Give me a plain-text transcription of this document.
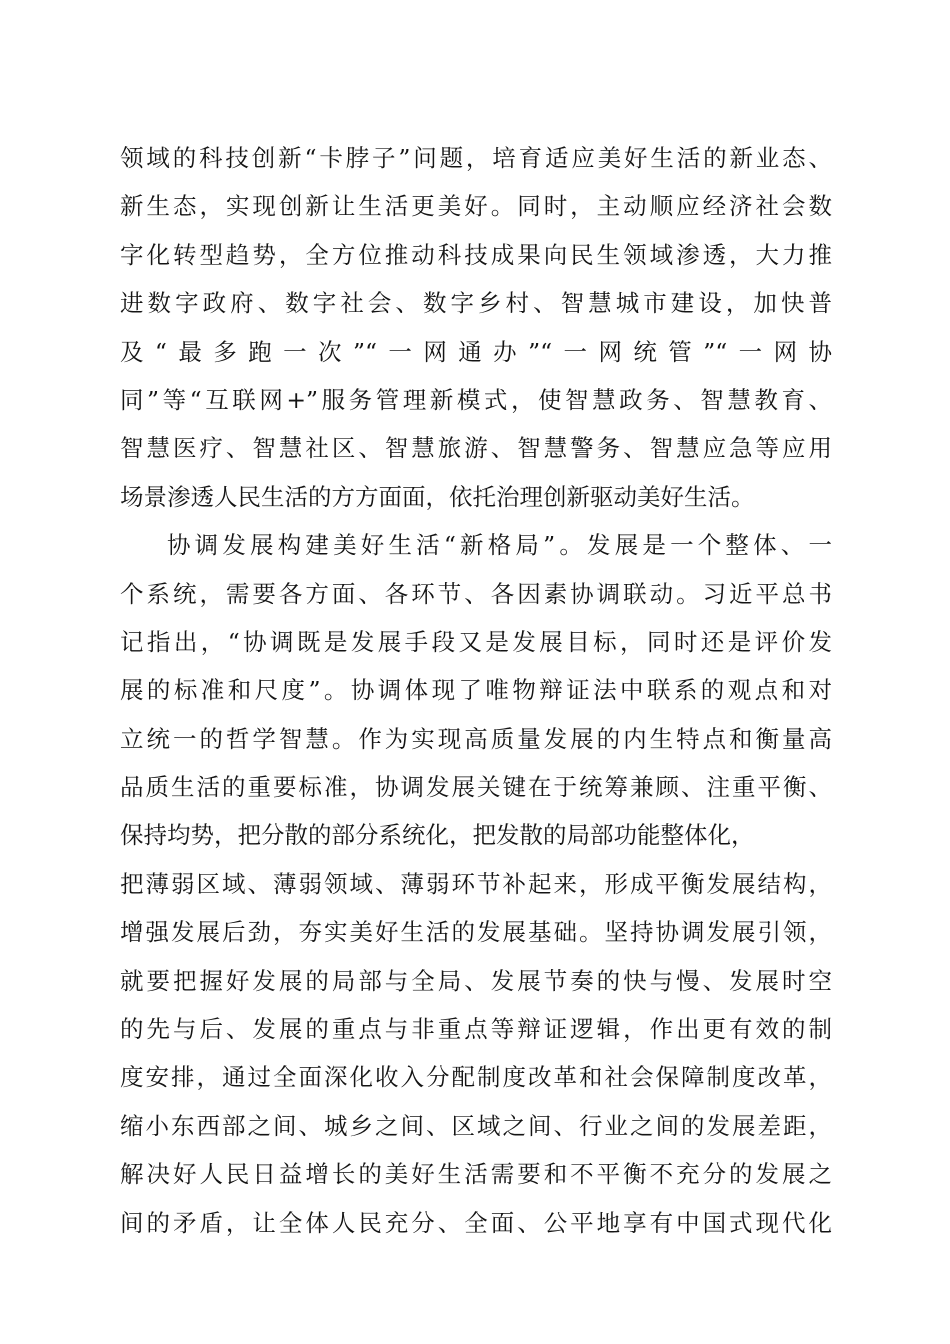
领域的科技创新“卡脖子”问题，培育适应美好生活的新业态、
新生态，实现创新让生活更美好。同时，主动顺应经济社会数
字化转型趋势，全方位推动科技成果向民生领域渗透，大力推
进数字政府、数字社会、数字乡村、智慧城市建设，加快普
及“最多跑一次”“一网通办”“一网统管”“一网协
同”等“互联网+”服务管理新模式，使智慧政务、智慧教育、
智慧医疗、智慧社区、智慧旅游、智慧警务、智慧应急等应用
场景渗透人民生活的方方面面，依托治理创新驱动美好生活。
协调发展构建美好生活“新格局”。发展是一个整体、一
个系统，需要各方面、各环节、各因素协调联动。习近平总书
记指出，“协调既是发展手段又是发展目标，同时还是评价发
展的标准和尺度”。协调体现了唯物辩证法中联系的观点和对
立统一的哲学智慧。作为实现高质量发展的内生特点和衡量高
品质生活的重要标准，协调发展关键在于统筹兼顾、注重平衡、
保持均势，把分散的部分系统化，把发散的局部功能整体化，
把薄弱区域、薄弱领域、薄弱环节补起来，形成平衡发展结构，
增强发展后劲，夯实美好生活的发展基础。坚持协调发展引领，
就要把握好发展的局部与全局、发展节奏的快与慢、发展时空
的先与后、发展的重点与非重点等辩证逻辑，作出更有效的制
度安排，通过全面深化收入分配制度改革和社会保障制度改革，
缩小东西部之间、城乡之间、区域之间、行业之间的发展差距，
解决好人民日益增长的美好生活需要和不平衡不充分的发展之
间的矛盾，让全体人民充分、全面、公平地享有中国式现代化
